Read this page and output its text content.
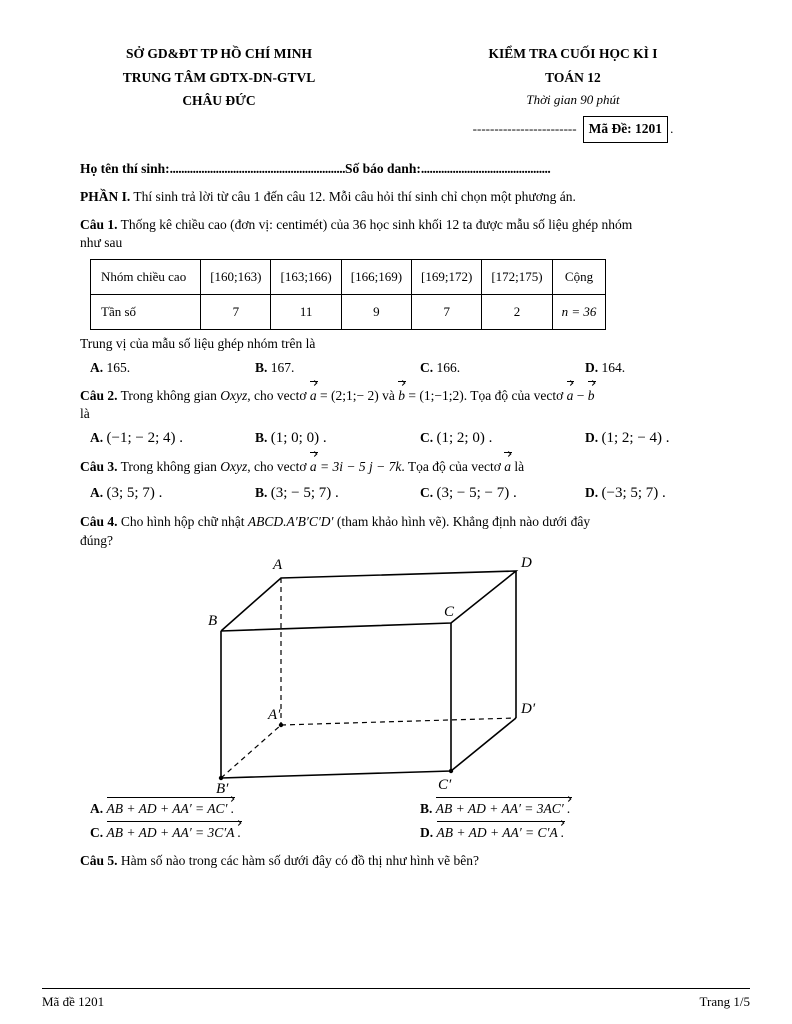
SỞ GD&ĐT TP HỒ CHÍ MINH
TRUNG TÂM GDTX-DN-GTVL
CHÂU ĐỨC
KIỂM TRA CUỐI HỌC KÌ I
TOÁN 12
Thời gian 90 phút
------------------------ Mã Đề: 1201 .
Họ tên thí sinh:.............................................................Số báo danh:.............................................
PHẦN I. Thí sinh trả lời từ câu 1 đến câu 12. Mỗi câu hỏi thí sinh chỉ chọn một phương án.
Câu 1. Thống kê chiều cao (đơn vị: centimét) của 36 học sinh khối 12 ta được mẫu số liệu ghép nhóm
như sau
Nhóm chiều cao	[160;163)	[163;166)	[166;169)	[169;172)	[172;175)	Cộng
Tần số	7	11	9	7	2	n = 36
Trung vị của mẫu số liệu ghép nhóm trên là
A. 165.	B. 167.	C. 166.	D. 164.
Câu 2. Trong không gian Oxyz, cho vectơ a = (2;1;− 2) và b = (1;−1;2). Tọa độ của vectơ a − b
là
A. (−1; − 2; 4) .	B. (1; 0; 0) .	C. (1; 2; 0) .	D. (1; 2; − 4) .
Câu 3. Trong không gian Oxyz, cho vectơ a = 3i − 5 j − 7k. Tọa độ của vectơ a là
A. (3; 5; 7) .	B. (3; − 5; 7) .	C. (3; − 5; − 7) .	D. (−3; 5; 7) .
Câu 4. Cho hình hộp chữ nhật ABCD.A′B′C′D′ (tham khảo hình vẽ). Khẳng định nào dưới đây
đúng?
A
B
C
D
A′
B′	C′
D′
A. AB + AD + AA′ = AC′ .	B. AB + AD + AA′ = 3AC′ .
C. AB + AD + AA′ = 3C′A .	D. AB + AD + AA′ = C′A .
Câu 5. Hàm số nào trong các hàm số dưới đây có đồ thị như hình vẽ bên?
Mã đề 1201	Trang 1/5
